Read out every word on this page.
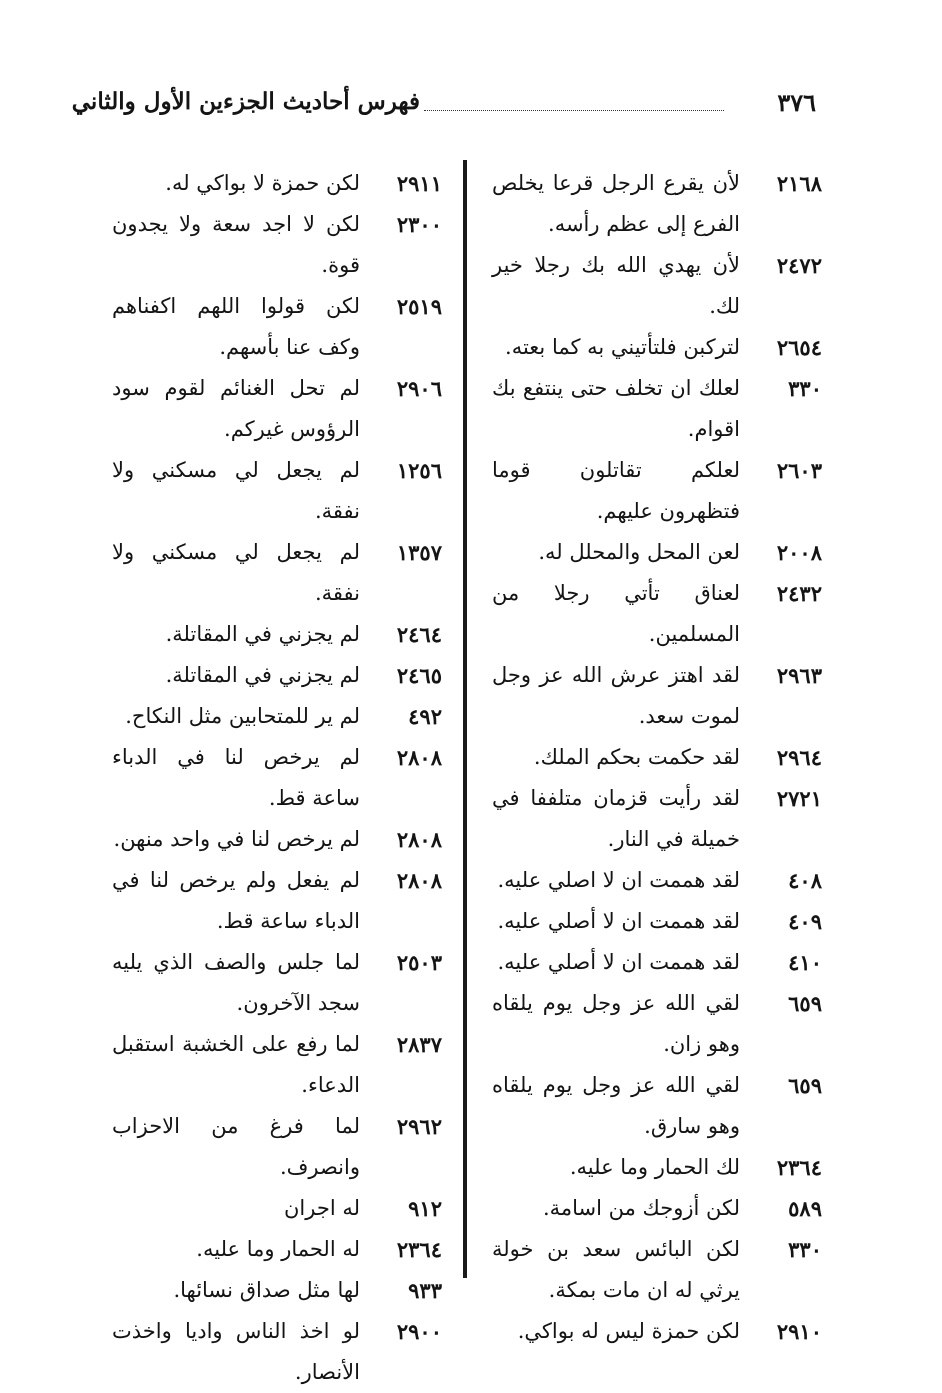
٣٧٦
فهرس أحاديث الجزءين الأول والثاني
٢١٦٨
لأن يقرع الرجل قرعا يخلص الفرع إلى عظم رأسه.
٢٤٧٢
لأن يهدي الله بك رجلا خير لك.
٢٦٥٤
لتركبن فلتأتيني به كما بعته.
٣٣٠
لعلك ان تخلف حتى ينتفع بك اقوام.
٢٦٠٣
لعلكم تقاتلون قوما فتظهرون عليهم.
٢٠٠٨
لعن المحل والمحلل له.
٢٤٣٢
لعناق تأتي رجلا من المسلمين.
٢٩٦٣
لقد اهتز عرش الله عز وجل لموت سعد.
٢٩٦٤
لقد حكمت بحكم الملك.
٢٧٢١
لقد رأيت قزمان متلففا في خميلة في النار.
٤٠٨
لقد هممت ان لا اصلي عليه.
٤٠٩
لقد هممت ان لا أصلي عليه.
٤١٠
لقد هممت ان لا أصلي عليه.
٦٥٩
لقي الله عز وجل يوم يلقاه وهو زان.
٦٥٩
لقي الله عز وجل يوم يلقاه وهو سارق.
٢٣٦٤
لك الحمار وما عليه.
٥٨٩
لكن أزوجك من اسامة.
٣٣٠
لكن البائس سعد بن خولة يرثي له ان مات بمكة.
٢٩١٠
لكن حمزة ليس له بواكي.
٢٩١١
لكن حمزة لا بواكي له.
٢٣٠٠
لكن لا اجد سعة ولا يجدون قوة.
٢٥١٩
لكن قولوا اللهم اكفناهم وكف عنا بأسهم.
٢٩٠٦
لم تحل الغنائم لقوم سود الرؤوس غيركم.
١٢٥٦
لم يجعل لي مسكني ولا نفقة.
١٣٥٧
لم يجعل لي مسكني ولا نفقة.
٢٤٦٤
لم يجزني في المقاتلة.
٢٤٦٥
لم يجزني في المقاتلة.
٤٩٢
لم ير للمتحابين مثل النكاح.
٢٨٠٨
لم يرخص لنا في الدباء ساعة قط.
٢٨٠٨
لم يرخص لنا في واحد منهن.
٢٨٠٨
لم يفعل ولم يرخص لنا في الدباء ساعة قط.
٢٥٠٣
لما جلس والصف الذي يليه سجد الآخرون.
٢٨٣٧
لما رفع على الخشبة استقبل الدعاء.
٢٩٦٢
لما فرغ من الاحزاب وانصرف.
٩١٢
له اجران
٢٣٦٤
له الحمار وما عليه.
٩٣٣
لها مثل صداق نسائها.
٢٩٠٠
لو اخذ الناس واديا واخذت الأنصار.
